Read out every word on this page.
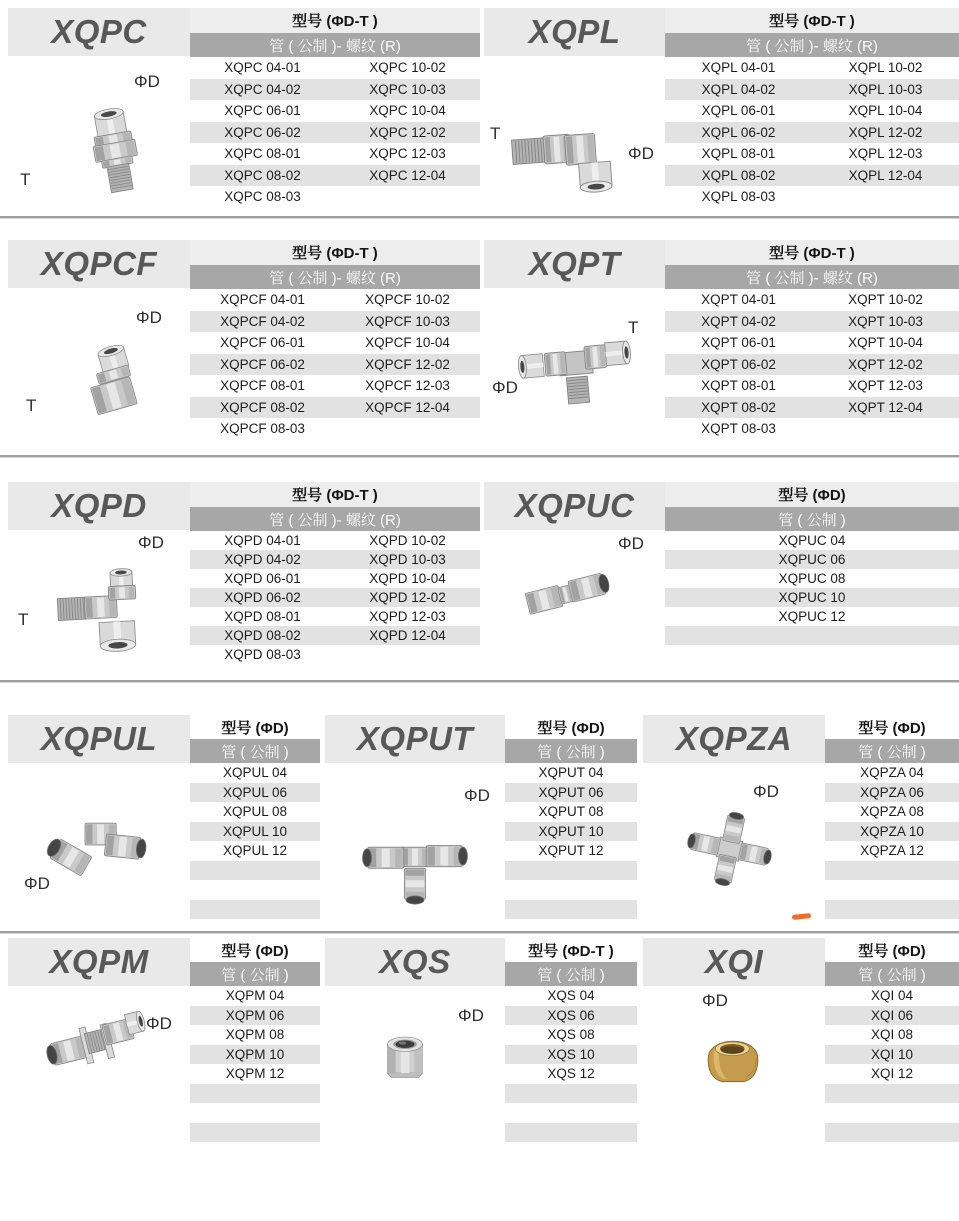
XQPC	型号 (ΦD-T )
管 ( 公制 )- 螺纹 (R)
XQPC 04-01	XQPC 10-02
XQPC 04-02	XQPC 10-03
XQPC 06-01	XQPC 10-04
XQPC 06-02	XQPC 12-02
XQPC 08-01	XQPC 12-03
XQPC 08-02	XQPC 12-04
XQPC 08-03
ΦD
T
XQPL	型号 (ΦD-T )
管 ( 公制 )- 螺纹 (R)
XQPL 04-01	XQPL 10-02
XQPL 04-02	XQPL 10-03
XQPL 06-01	XQPL 10-04
XQPL 06-02	XQPL 12-02
XQPL 08-01	XQPL 12-03
XQPL 08-02	XQPL 12-04
XQPL 08-03
T
ΦD
XQPCF	型号 (ΦD-T )
管 ( 公制 )- 螺纹 (R)
XQPCF 04-01	XQPCF 10-02
XQPCF 04-02	XQPCF 10-03
XQPCF 06-01	XQPCF 10-04
XQPCF 06-02	XQPCF 12-02
XQPCF 08-01	XQPCF 12-03
XQPCF 08-02	XQPCF 12-04
XQPCF 08-03
ΦD
T
XQPT	型号 (ΦD-T )
管 ( 公制 )- 螺纹 (R)
XQPT 04-01	XQPT 10-02
XQPT 04-02	XQPT 10-03
XQPT 06-01	XQPT 10-04
XQPT 06-02	XQPT 12-02
XQPT 08-01	XQPT 12-03
XQPT 08-02	XQPT 12-04
XQPT 08-03
T
ΦD
XQPD	型号 (ΦD-T )
管 ( 公制 )- 螺纹 (R)
XQPD 04-01	XQPD 10-02
XQPD 04-02	XQPD 10-03
XQPD 06-01	XQPD 10-04
XQPD 06-02	XQPD 12-02
XQPD 08-01	XQPD 12-03
XQPD 08-02	XQPD 12-04
XQPD 08-03
ΦD
T
XQPUC	型号 (ΦD)
管 ( 公制 )
XQPUC 04
XQPUC 06
XQPUC 08
XQPUC 10
XQPUC 12
ΦD
XQPUL	型号 (ΦD)
管 ( 公制 )
XQPUL 04
XQPUL 06
XQPUL 08
XQPUL 10
XQPUL 12
ΦD
XQPUT	型号 (ΦD)
管 ( 公制 )
XQPUT 04
XQPUT 06
XQPUT 08
XQPUT 10
XQPUT 12
ΦD
XQPZA	型号 (ΦD)
管 ( 公制 )
XQPZA 04
XQPZA 06
XQPZA 08
XQPZA 10
XQPZA 12
ΦD
XQPM	型号 (ΦD)
管 ( 公制 )
XQPM 04
XQPM 06
XQPM 08
XQPM 10
XQPM 12
ΦD
XQS	型号 (ΦD-T )
管 ( 公制 )
XQS 04
XQS 06
XQS 08
XQS 10
XQS 12
ΦD
XQI	型号 (ΦD)
管 ( 公制 )
XQI 04
XQI 06
XQI 08
XQI 10
XQI 12
ΦD
